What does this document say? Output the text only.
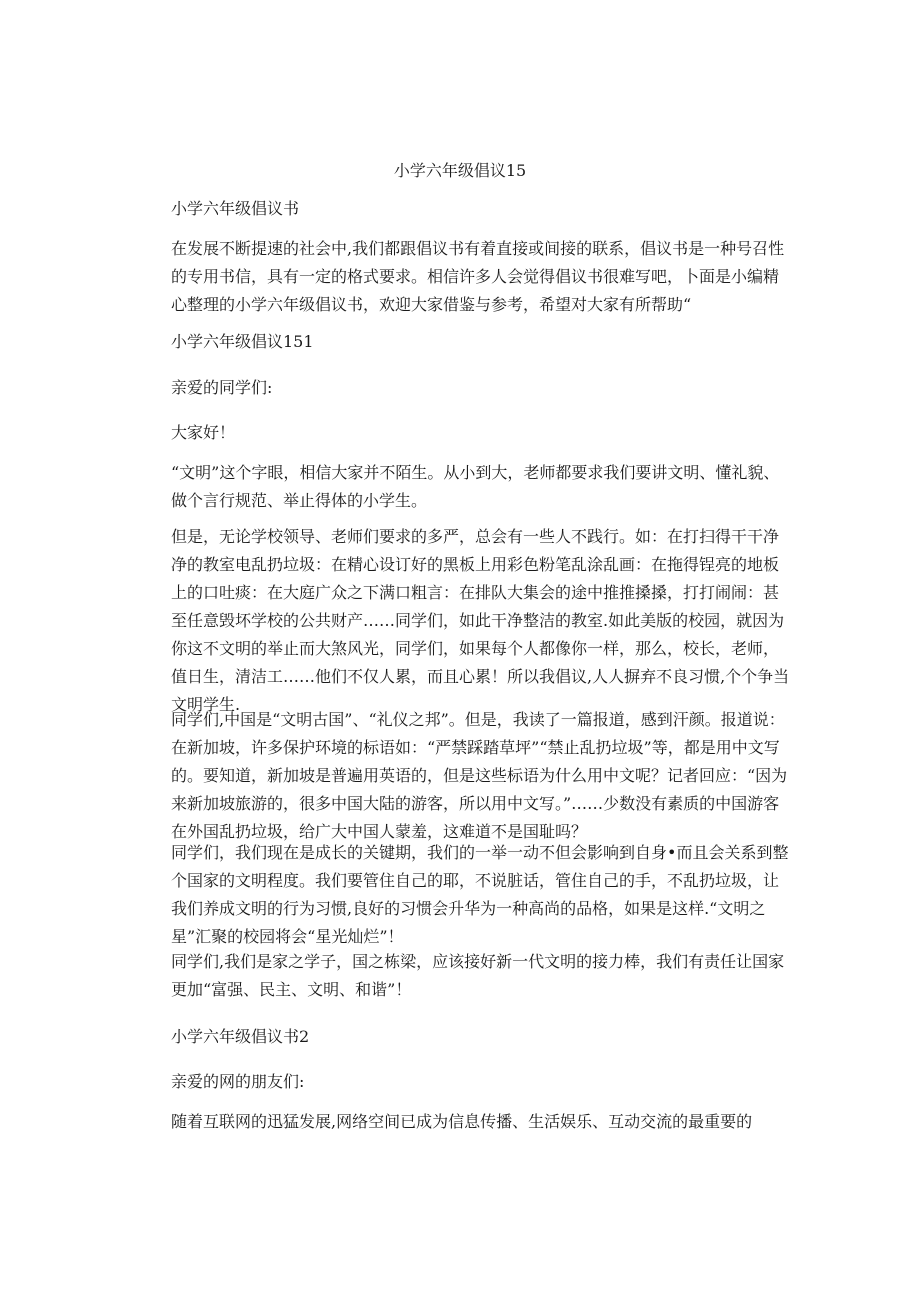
小学六年级倡议15

小学六年级倡议书

在发展不断提速的社会中,我们都跟倡议书有着直接或间接的联系，倡议书是一种号召性的专用书信，具有一定的格式要求。相信许多人会觉得倡议书很难写吧，卜面是小编精心整理的小学六年级倡议书，欢迎大家借鉴与参考，希望对大家有所帮助“

小学六年级倡议151

亲爱的同学们:

大家好！

“文明”这个字眼，相信大家并不陌生。从小到大，老师都要求我们要讲文明、懂礼貌、做个言行规范、举止得体的小学生。

但是，无论学校领导、老师们要求的多严，总会有一些人不践行。如：在打扫得干干净净的教室电乱扔垃圾：在精心设订好的黑板上用彩色粉笔乱涂乱画：在拖得锃亮的地板上的口吐痰：在大庭广众之下满口粗言：在排队大集会的途中推推搡搡，打打闹闹：甚至任意毁坏学校的公共财产……同学们，如此干净整洁的教室.如此美版的校园，就因为你这不文明的举止而大煞风光，同学们，如果每个人都像你一样，那么，校长，老师，值日生，清洁工……他们不仅人累，而且心累！所以我倡议,人人摒弃不良习惯,个个争当文明学生.

同学们,中国是“文明古国”、“礼仪之邦”。但是，我读了一篇报道，感到汗颜。报道说：在新加坡，许多保护环境的标语如：“严禁踩踏草坪”“禁止乱扔垃圾”等，都是用中文写的。要知道，新加坡是普遍用英语的，但是这些标语为什么用中文呢？记者回应：“因为来新加坡旅游的，很多中国大陆的游客，所以用中文写。”……少数没有素质的中国游客在外国乱扔垃圾，给广大中国人蒙羞，这难道不是国耻吗？

同学们，我们现在是成长的关键期，我们的一举一动不但会影响到自身•而且会关系到整个国家的文明程度。我们要管住自己的耶，不说脏话，管住自己的手，不乱扔垃圾，让我们养成文明的行为习惯,良好的习惯会升华为一种高尚的品格，如果是这样.“文明之星”汇聚的校园将会“星光灿烂”！

同学们,我们是家之学子，国之栋梁，应该接好新一代文明的接力棒，我们有责任让国家更加“富强、民主、文明、和谐”！

小学六年级倡议书2

亲爱的网的朋友们:

随着互联网的迅猛发展,网络空间已成为信息传播、生活娱乐、互动交流的最重要的
